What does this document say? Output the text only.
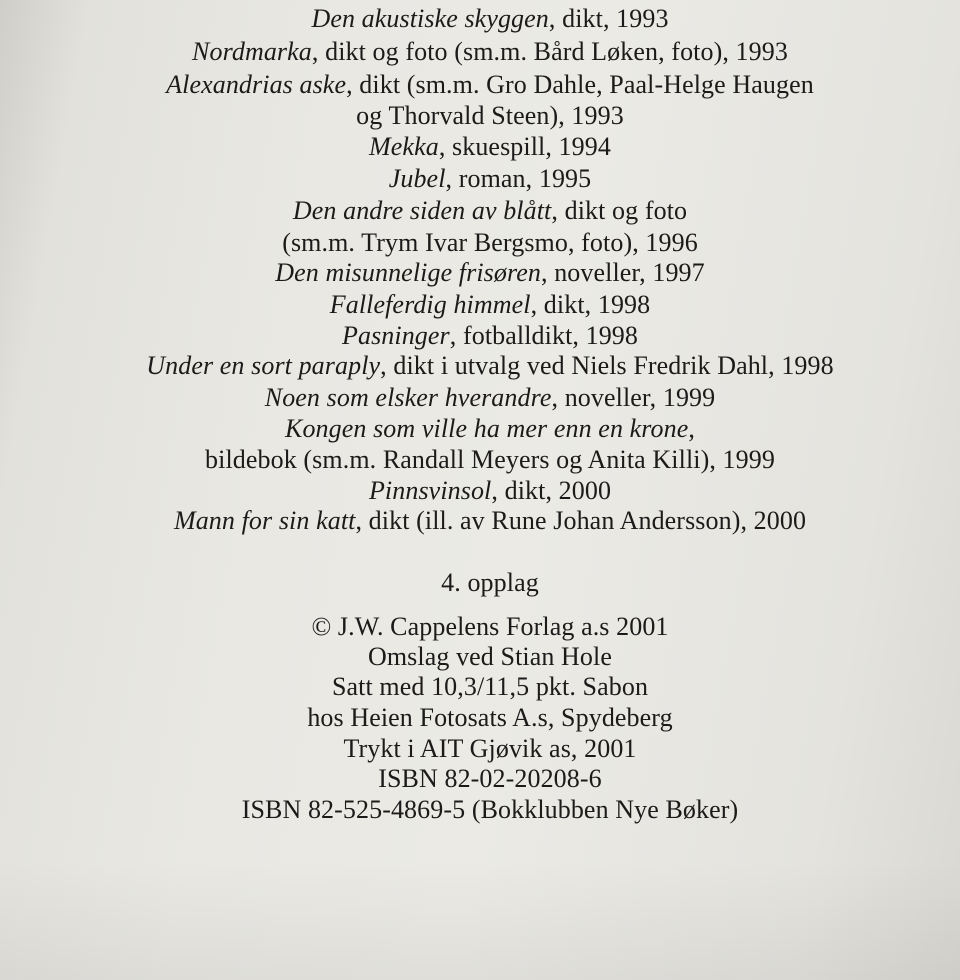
Den akustiske skyggen, dikt, 1993
Nordmarka, dikt og foto (sm.m. Bård Løken, foto), 1993
Alexandrias aske, dikt (sm.m. Gro Dahle, Paal-Helge Haugen
og Thorvald Steen), 1993
Mekka, skuespill, 1994
Jubel, roman, 1995
Den andre siden av blått, dikt og foto
(sm.m. Trym Ivar Bergsmo, foto), 1996
Den misunnelige frisøren, noveller, 1997
Falleferdig himmel, dikt, 1998
Pasninger, fotballdikt, 1998
Under en sort paraply, dikt i utvalg ved Niels Fredrik Dahl, 1998
Noen som elsker hverandre, noveller, 1999
Kongen som ville ha mer enn en krone,
bildebok (sm.m. Randall Meyers og Anita Killi), 1999
Pinnsvinsol, dikt, 2000
Mann for sin katt, dikt (ill. av Rune Johan Andersson), 2000
4. opplag
© J.W. Cappelens Forlag a.s 2001
Omslag ved Stian Hole
Satt med 10,3/11,5 pkt. Sabon
hos Heien Fotosats A.s, Spydeberg
Trykt i AIT Gjøvik as, 2001
ISBN 82-02-20208-6
ISBN 82-525-4869-5 (Bokklubben Nye Bøker)
